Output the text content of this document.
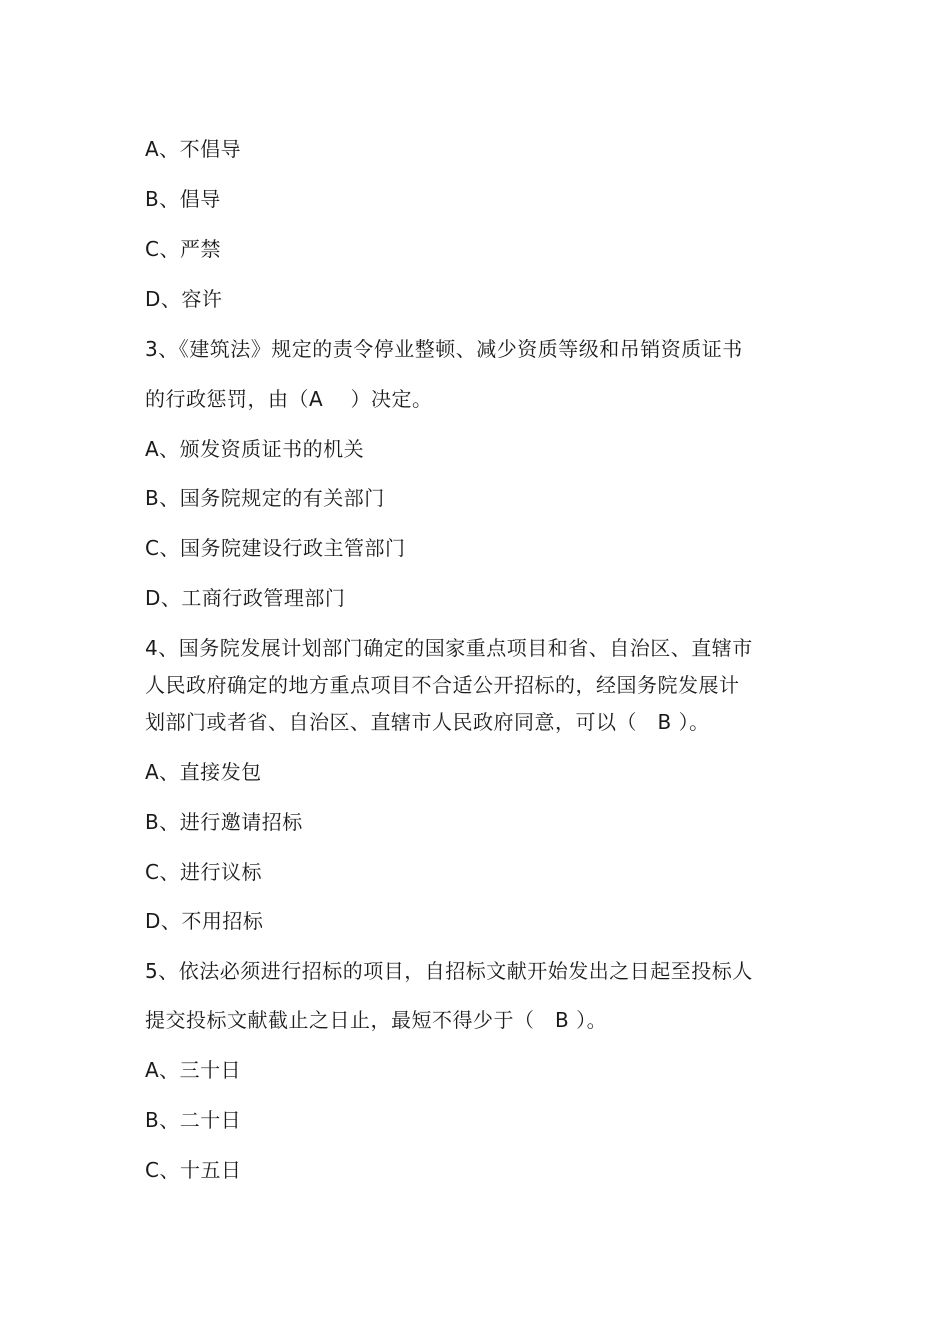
A、不倡导
B、倡导
C、严禁
D、容许
3、《建筑法》规定的责令停业整顿、减少资质等级和吊销资质证书
的行政惩罚，由（A　 ）决定。
A、颁发资质证书的机关
B、国务院规定的有关部门
C、国务院建设行政主管部门
D、工商行政管理部门
4、国务院发展计划部门确定的国家重点项目和省、自治区、直辖市
人民政府确定的地方重点项目不合适公开招标的，经国务院发展计
划部门或者省、自治区、直辖市人民政府同意，可以（　B ）。
A、直接发包
B、进行邀请招标
C、进行议标
D、不用招标
5、依法必须进行招标的项目，自招标文献开始发出之日起至投标人
提交投标文献截止之日止，最短不得少于（　B ）。
A、三十日
B、二十日
C、十五日
